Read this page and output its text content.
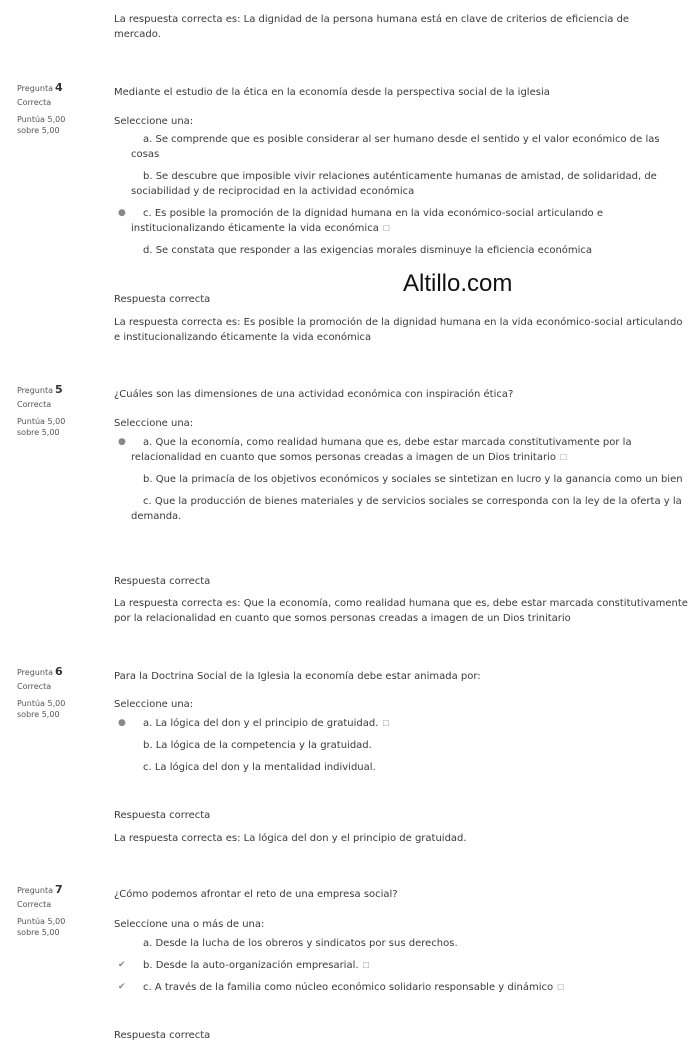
La respuesta correcta es: La dignidad de la persona humana está en clave de criterios de eficiencia de mercado.
Pregunta 4
Correcta
Puntúa 5,00
sobre 5,00
Mediante el estudio de la ética en la economía desde la perspectiva social de la iglesia
Seleccione una:
a. Se comprende que es posible considerar al ser humano desde el sentido y el valor económico de las cosas
b. Se descubre que imposible vivir relaciones auténticamente humanas de amistad, de solidaridad, de sociabilidad y de reciprocidad en la actividad económica
● c. Es posible la promoción de la dignidad humana en la vida económico-social articulando e institucionalizando éticamente la vida económica ☐
d. Se constata que responder a las exigencias morales disminuye la eficiencia económica
Respuesta correcta
La respuesta correcta es: Es posible la promoción de la dignidad humana en la vida económico-social articulando e institucionalizando éticamente la vida económica
Altillo.com
Pregunta 5
Correcta
Puntúa 5,00
sobre 5,00
¿Cuáles son las dimensiones de una actividad económica con inspiración ética?
Seleccione una:
● a. Que la economía, como realidad humana que es, debe estar marcada constitutivamente por la relacionalidad en cuanto que somos personas creadas a imagen de un Dios trinitario ☐
b. Que la primacía de los objetivos económicos y sociales se sintetizan en lucro y la ganancia como un bien
c. Que la producción de bienes materiales y de servicios sociales se corresponda con la ley de la oferta y la demanda.
Respuesta correcta
La respuesta correcta es: Que la economía, como realidad humana que es, debe estar marcada constitutivamente por la relacionalidad en cuanto que somos personas creadas a imagen de un Dios trinitario
Pregunta 6
Correcta
Puntúa 5,00
sobre 5,00
Para la Doctrina Social de la Iglesia la economía debe estar animada por:
Seleccione una:
● a. La lógica del don y el principio de gratuidad. ☐
b. La lógica de la competencia y la gratuidad.
c. La lógica del don y la mentalidad individual.
Respuesta correcta
La respuesta correcta es: La lógica del don y el principio de gratuidad.
Pregunta 7
Correcta
Puntúa 5,00
sobre 5,00
¿Cómo podemos afrontar el reto de una empresa social?
Seleccione una o más de una:
a. Desde la lucha de los obreros y sindicatos por sus derechos.
✔ b. Desde la auto-organización empresarial. ☐
✔ c. A través de la familia como núcleo económico solidario responsable y dinámico ☐
Respuesta correcta
